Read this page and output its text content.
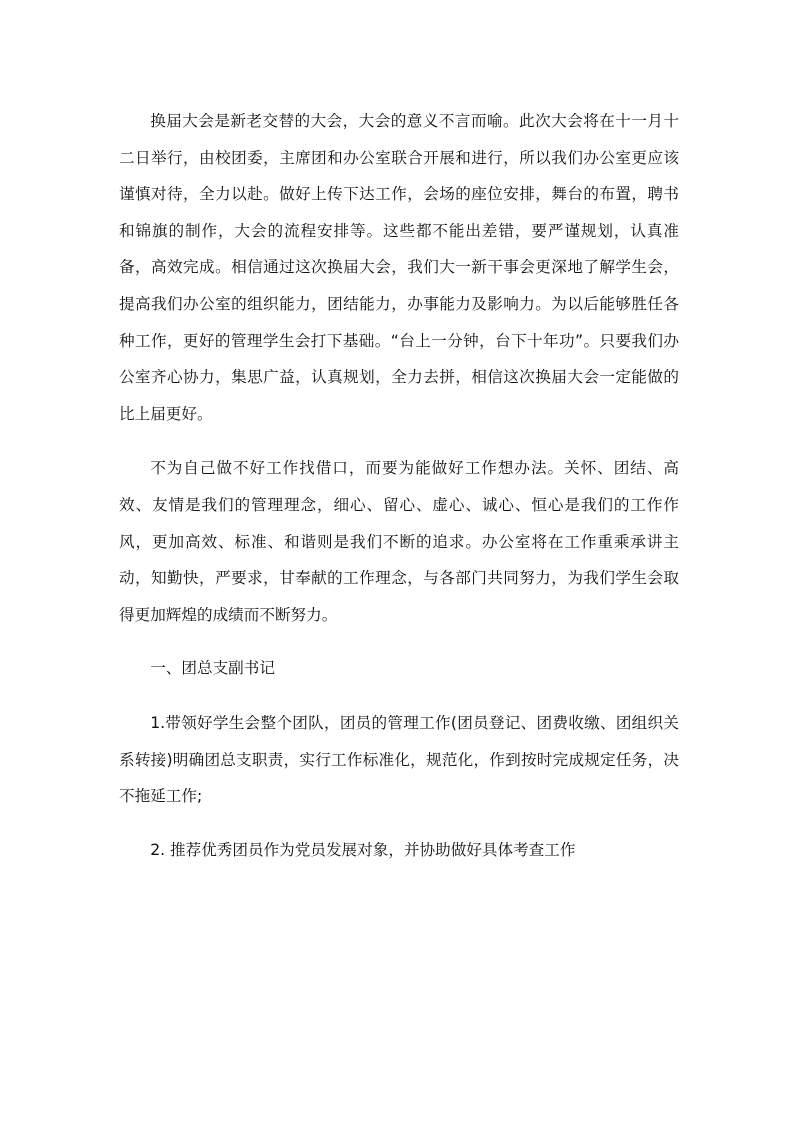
换届大会是新老交替的大会，大会的意义不言而喻。此次大会将在十一月十二日举行，由校团委，主席团和办公室联合开展和进行，所以我们办公室更应该谨慎对待，全力以赴。做好上传下达工作，会场的座位安排，舞台的布置，聘书和锦旗的制作，大会的流程安排等。这些都不能出差错，要严谨规划，认真准备，高效完成。相信通过这次换届大会，我们大一新干事会更深地了解学生会，提高我们办公室的组织能力，团结能力，办事能力及影响力。为以后能够胜任各种工作，更好的管理学生会打下基础。“台上一分钟，台下十年功”。只要我们办公室齐心协力，集思广益，认真规划，全力去拼，相信这次换届大会一定能做的比上届更好。

不为自己做不好工作找借口，而要为能做好工作想办法。关怀、团结、高效、友情是我们的管理理念，细心、留心、虚心、诚心、恒心是我们的工作作风，更加高效、标准、和谐则是我们不断的追求。办公室将在工作重乘承讲主动，知勤快，严要求，甘奉献的工作理念，与各部门共同努力，为我们学生会取得更加辉煌的成绩而不断努力。

一、团总支副书记

1.带领好学生会整个团队，团员的管理工作(团员登记、团费收缴、团组织关系转接)明确团总支职责，实行工作标准化，规范化，作到按时完成规定任务，决不拖延工作;

2. 推荐优秀团员作为党员发展对象，并协助做好具体考查工作
